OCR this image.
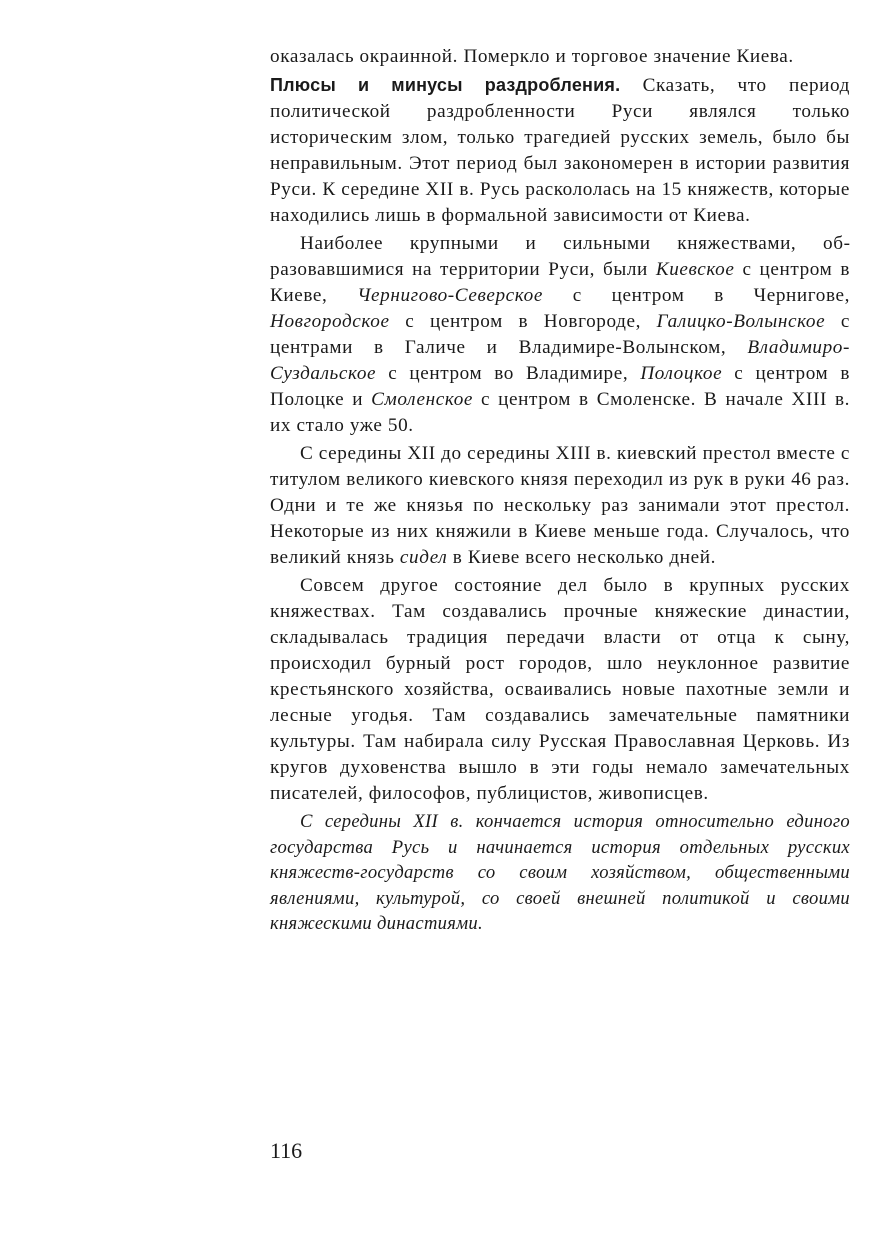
оказалась окраинной. Померкло и торговое значение Киева.

Плюсы и минусы раздробления. Сказать, что период политической раздробленности Руси являлся только историческим злом, только трагедией русских земель, было бы неправильным. Этот период был закономерен в истории развития Руси. К середине XII в. Русь раскололась на 15 княжеств, которые находились лишь в формальной зависимости от Киева.

Наиболее крупными и сильными княжествами, образовавшимися на территории Руси, были Киевское с центром в Киеве, Чернигово-Северское с центром в Чернигове, Новгородское с центром в Новгороде, Галицко-Волынское с центрами в Галиче и Владимире-Волынском, Владимиро-Суздальское с центром во Владимире, Полоцкое с центром в Полоцке и Смоленское с центром в Смоленске. В начале XIII в. их стало уже 50.

С середины XII до середины XIII в. киевский престол вместе с титулом великого киевского князя переходил из рук в руки 46 раз. Одни и те же князья по нескольку раз занимали этот престол. Некоторые из них княжили в Киеве меньше года. Случалось, что великий князь сидел в Киеве всего несколько дней.

Совсем другое состояние дел было в крупных русских княжествах. Там создавались прочные княжеские династии, складывалась традиция передачи власти от отца к сыну, происходил бурный рост городов, шло неуклонное развитие крестьянского хозяйства, осваивались новые пахотные земли и лесные угодья. Там создавались замечательные памятники культуры. Там набирала силу Русская Православная Церковь. Из кругов духовенства вышло в эти годы немало замечательных писателей, философов, публицистов, живописцев.

С середины XII в. кончается история относительно единого государства Русь и начинается история отдельных русских княжеств-государств со своим хозяйством, общественными явлениями, культурой, со своей внешней политикой и своими княжескими династиями.

116
